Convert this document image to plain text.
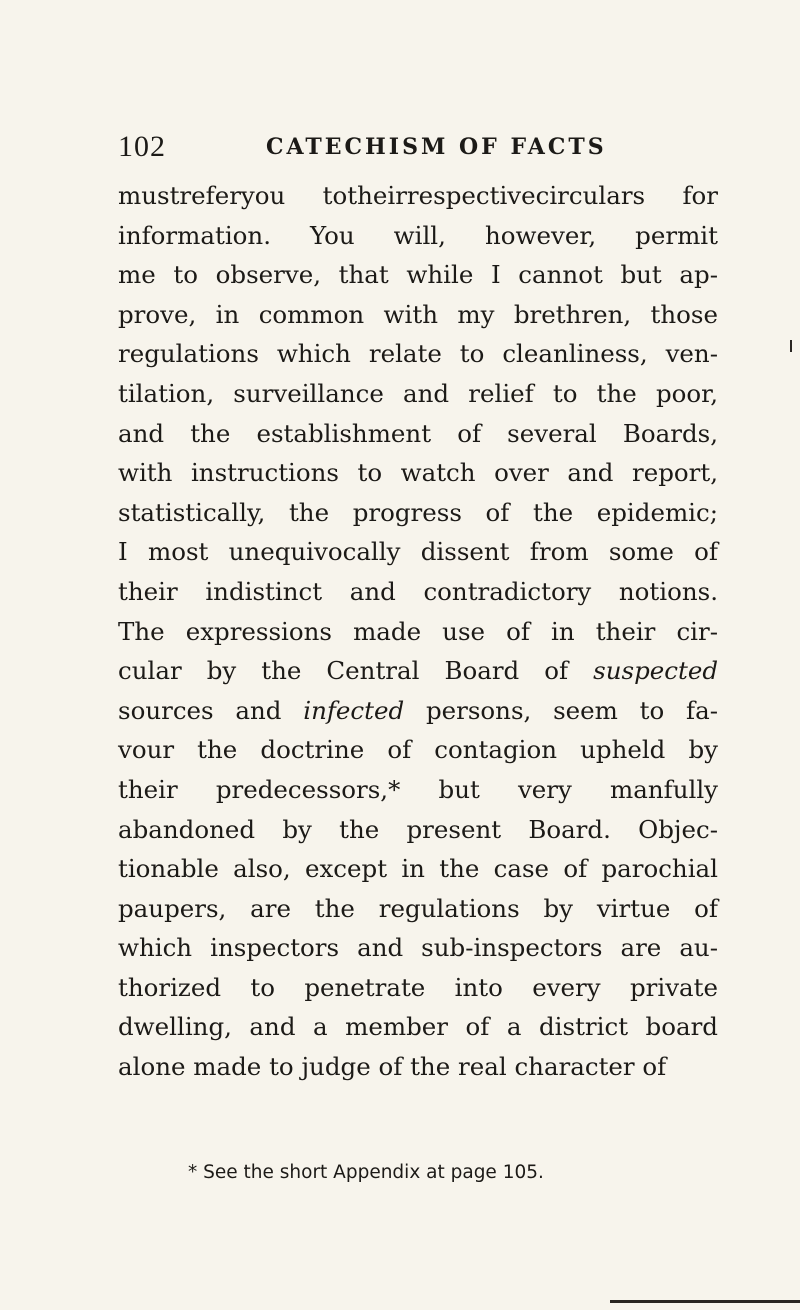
102	CATECHISM OF FACTS
mustreferyou totheirrespectivecirculars for
information. You will, however, permit
me to observe, that while I cannot but ap-
prove, in common with my brethren, those
regulations which relate to cleanliness, ven-
tilation, surveillance and relief to the poor,
and the establishment of several Boards,
with instructions to watch over and report,
statistically, the progress of the epidemic;
I most unequivocally dissent from some of
their indistinct and contradictory notions.
The expressions made use of in their cir-
cular by the Central Board of suspected
sources and infected persons, seem to fa-
vour the doctrine of contagion upheld by
their predecessors,* but very manfully
abandoned by the present Board. Objec-
tionable also, except in the case of parochial
paupers, are the regulations by virtue of
which inspectors and sub-inspectors are au-
thorized to penetrate into every private
dwelling, and a member of a district board
alone made to judge of the real character of
* See the short Appendix at page 105.
